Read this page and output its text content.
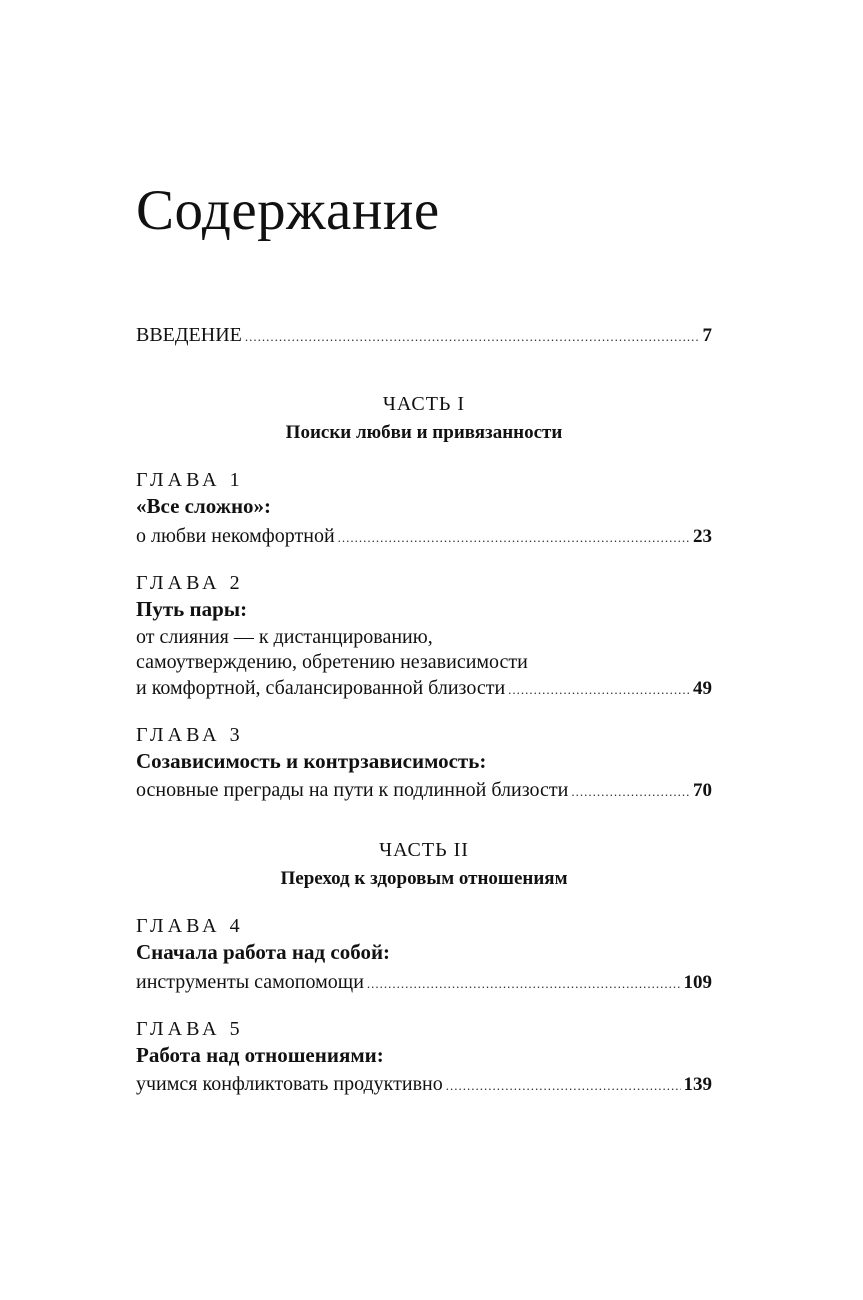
Содержание
ВВЕДЕНИЕ .....	7
ЧАСТЬ I
Поиски любви и привязанности
ГЛАВА 1
«Все сложно»:
о любви некомфортной .....	23
ГЛАВА 2
Путь пары:
от слияния — к дистанцированию,
самоутверждению, обретению независимости
и комфортной, сбалансированной близости .....	49
ГЛАВА 3
Созависимость и контрзависимость:
основные преграды на пути к подлинной близости .....	70
ЧАСТЬ II
Переход к здоровым отношениям
ГЛАВА 4
Сначала работа над собой:
инструменты самопомощи .....	109
ГЛАВА 5
Работа над отношениями:
учимся конфликтовать продуктивно .....	139
